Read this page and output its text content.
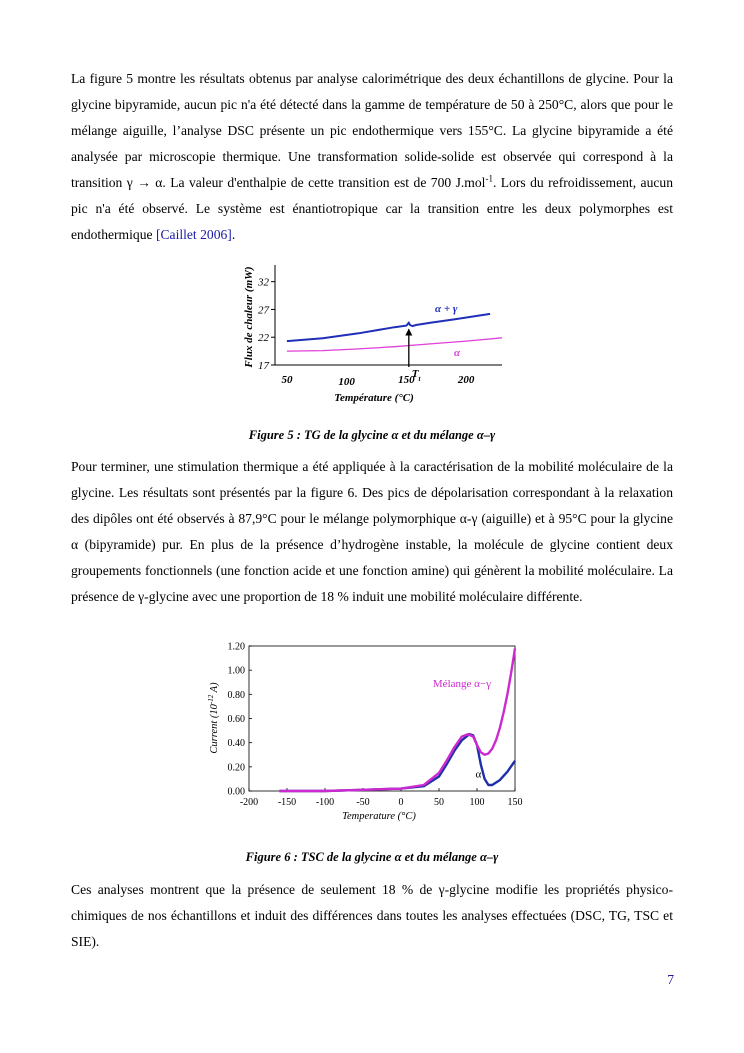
La figure 5 montre les résultats obtenus par analyse calorimétrique des deux échantillons de glycine. Pour la glycine bipyramide, aucun pic n'a été détecté dans la gamme de température de 50 à 250°C, alors que pour le mélange aiguille, l’analyse DSC présente un pic endothermique vers 155°C. La glycine bipyramide a été analysée par microscopie thermique. Une transformation solide-solide est observée qui correspond à la transition γ → α. La valeur d'enthalpie de cette transition est de 700 J.mol$^{-1}$. Lors du refroidissement, aucun pic n'a été observé. Le système est énantiotropique car la transition entre les deux polymorphes est endothermique [Caillet 2006].

17
22
27
32
50	100	150	200
α + γ
α
$T_t$
Température (°C)
Flux de chaleur (mW)
Figure 5 : TG de la glycine α et du mélange α–γ

Pour terminer, une stimulation thermique a été appliquée à la caractérisation de la mobilité moléculaire de la glycine. Les résultats sont présentés par la figure 6. Des pics de dépolarisation correspondant à la relaxation des dipôles ont été observés à 87,9°C pour le mélange polymorphique α-γ (aiguille) et à 95°C pour la glycine α (bipyramide) pur. En plus de la présence d’hydrogène instable, la molécule de glycine contient deux groupements fonctionnels (une fonction acide et une fonction amine) qui génèrent la mobilité moléculaire. La présence de γ-glycine avec une proportion de 18 % induit une mobilité moléculaire différente.

0.00
0.20
0.40
0.60
0.80
1.00
1.20
-200 -150 -100 -50	0	50	100 150
Mélange α−γ
α
Temperature (°C)
Current ($10^{-12}$ A)
Figure 6 : TSC de la glycine α et du mélange α–γ

Ces analyses montrent que la présence de seulement 18 % de γ-glycine modifie les propriétés physico-chimiques de nos échantillons et induit des différences dans toutes les analyses effectuées (DSC, TG, TSC et SIE).

7
